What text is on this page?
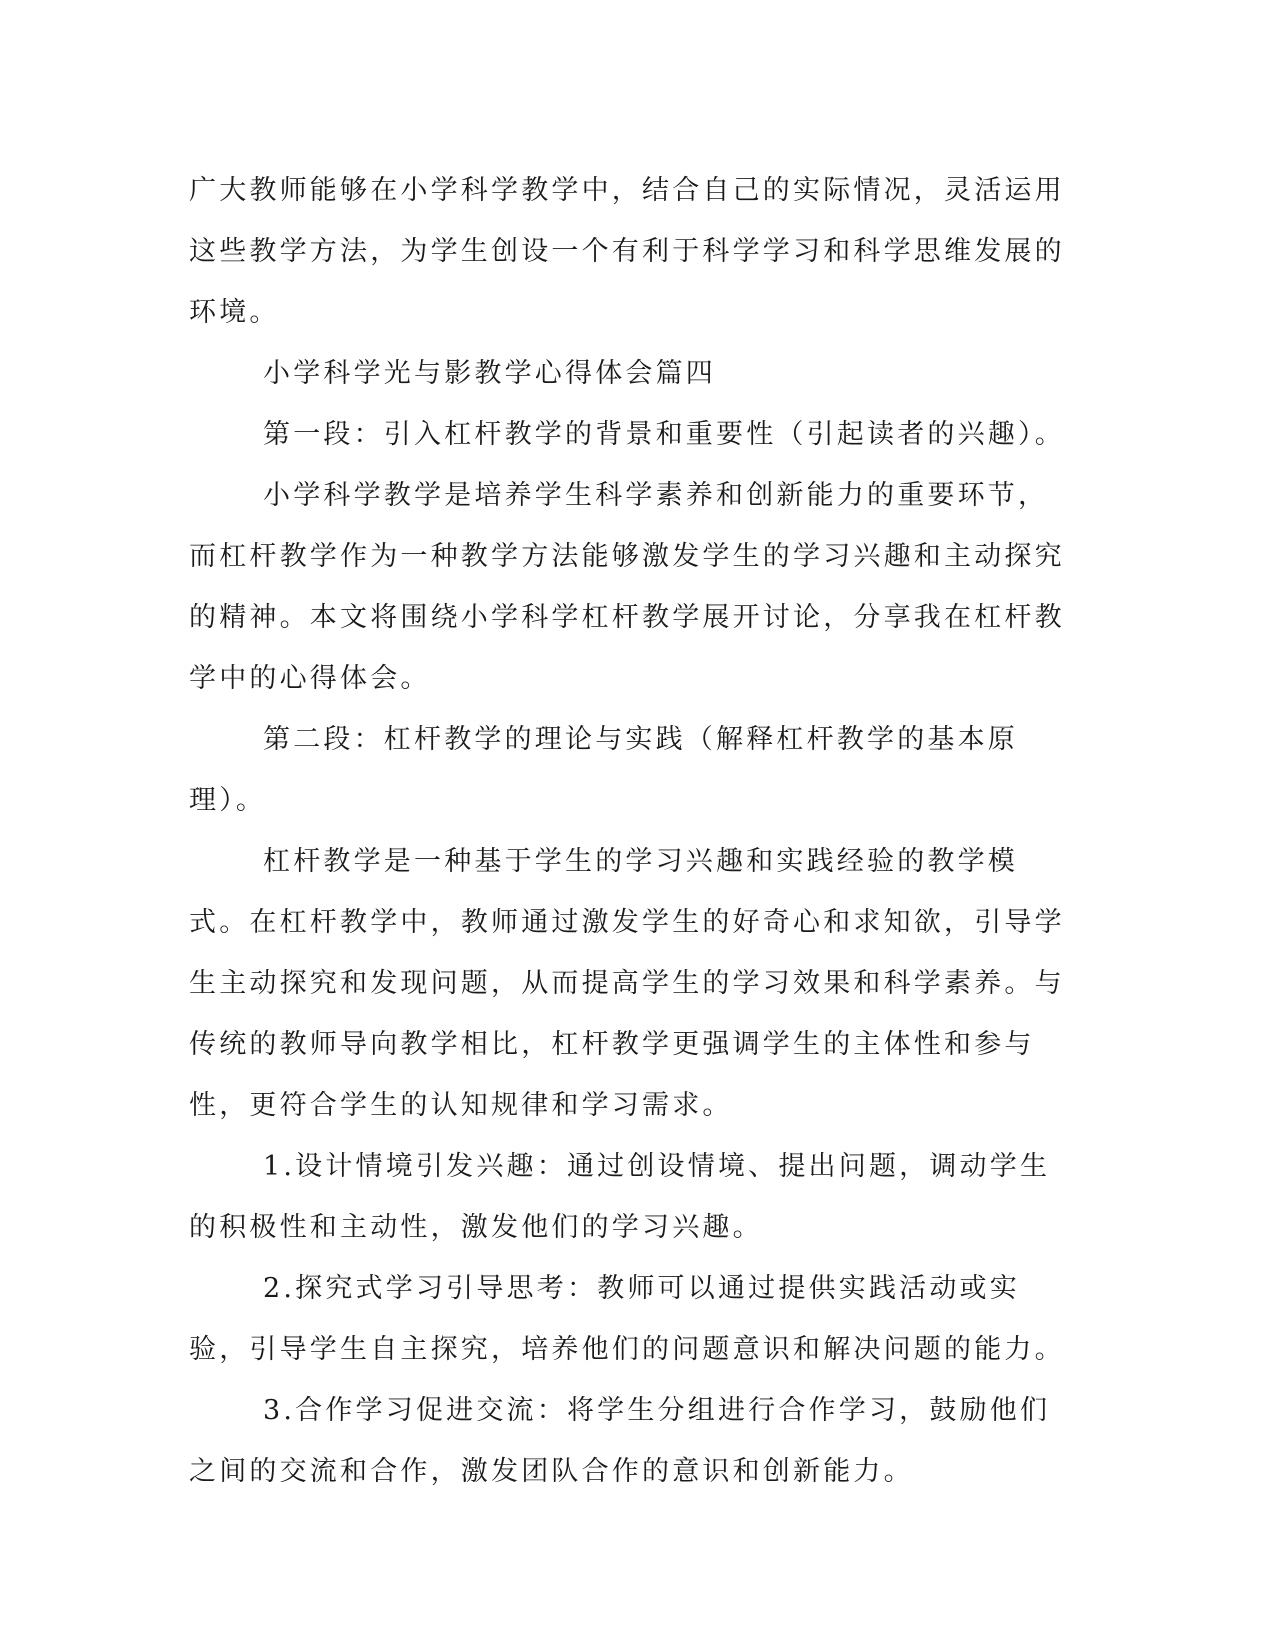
广大教师能够在小学科学教学中，结合自己的实际情况，灵活运用这些教学方法，为学生创设一个有利于科学学习和科学思维发展的环境。

小学科学光与影教学心得体会篇四

第一段：引入杠杆教学的背景和重要性（引起读者的兴趣）。

小学科学教学是培养学生科学素养和创新能力的重要环节，而杠杆教学作为一种教学方法能够激发学生的学习兴趣和主动探究的精神。本文将围绕小学科学杠杆教学展开讨论，分享我在杠杆教学中的心得体会。

第二段：杠杆教学的理论与实践（解释杠杆教学的基本原理）。

杠杆教学是一种基于学生的学习兴趣和实践经验的教学模式。在杠杆教学中，教师通过激发学生的好奇心和求知欲，引导学生主动探究和发现问题，从而提高学生的学习效果和科学素养。与传统的教师导向教学相比，杠杆教学更强调学生的主体性和参与性，更符合学生的认知规律和学习需求。

1.设计情境引发兴趣：通过创设情境、提出问题，调动学生的积极性和主动性，激发他们的学习兴趣。

2.探究式学习引导思考：教师可以通过提供实践活动或实验，引导学生自主探究，培养他们的问题意识和解决问题的能力。

3.合作学习促进交流：将学生分组进行合作学习，鼓励他们之间的交流和合作，激发团队合作的意识和创新能力。
